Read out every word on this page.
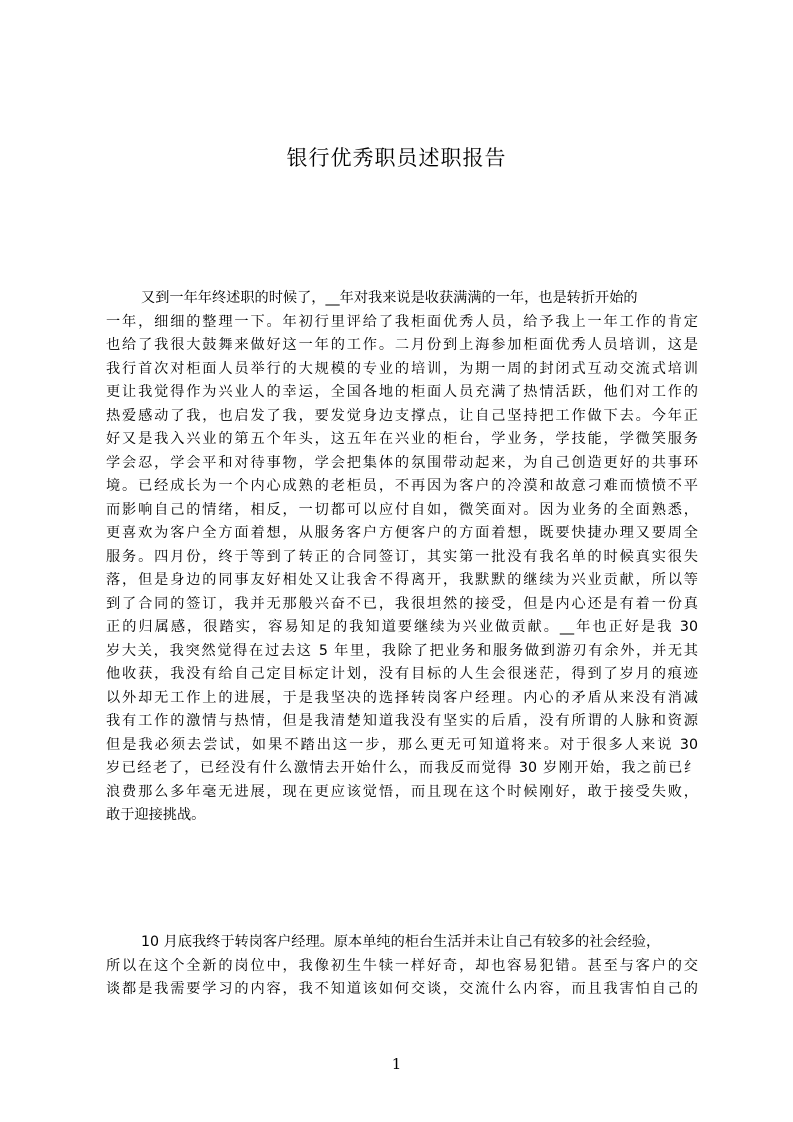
银行优秀职员述职报告
又到一年年终述职的时候了，__年对我来说是收获满满的一年，也是转折开始的
一年，细细的整理一下。年初行里评给了我柜面优秀人员，给予我上一年工作的肯定
也给了我很大鼓舞来做好这一年的工作。二月份到上海参加柜面优秀人员培训，这是
我行首次对柜面人员举行的大规模的专业的培训，为期一周的封闭式互动交流式培训
更让我觉得作为兴业人的幸运，全国各地的柜面人员充满了热情活跃，他们对工作的
热爱感动了我，也启发了我，要发觉身边支撑点，让自己坚持把工作做下去。今年正
好又是我入兴业的第五个年头，这五年在兴业的柜台，学业务，学技能，学微笑服务
学会忍，学会平和对待事物，学会把集体的氛围带动起来，为自己创造更好的共事环
境。已经成长为一个内心成熟的老柜员，不再因为客户的冷漠和故意刁难而愤愤不平
而影响自己的情绪，相反，一切都可以应付自如，微笑面对。因为业务的全面熟悉，
更喜欢为客户全方面着想，从服务客户方便客户的方面着想，既要快捷办理又要周全
服务。四月份，终于等到了转正的合同签订，其实第一批没有我名单的时候真实很失
落，但是身边的同事友好相处又让我舍不得离开，我默默的继续为兴业贡献，所以等
到了合同的签订，我并无那般兴奋不已，我很坦然的接受，但是内心还是有着一份真
正的归属感，很踏实，容易知足的我知道要继续为兴业做贡献。__年也正好是我 30
岁大关，我突然觉得在过去这 5 年里，我除了把业务和服务做到游刃有余外，并无其
他收获，我没有给自己定目标定计划，没有目标的人生会很迷茫，得到了岁月的痕迹
以外却无工作上的进展，于是我坚决的选择转岗客户经理。内心的矛盾从来没有消减
我有工作的激情与热情，但是我清楚知道我没有坚实的后盾，没有所谓的人脉和资源
但是我必须去尝试，如果不踏出这一步，那么更无可知道将来。对于很多人来说 30
岁已经老了，已经没有什么激情去开始什么，而我反而觉得 30 岁刚开始，我之前已纟
浪费那么多年毫无进展，现在更应该觉悟，而且现在这个时候刚好，敢于接受失败，
敢于迎接挑战。
10 月底我终于转岗客户经理。原本单纯的柜台生活并未让自己有较多的社会经验，
所以在这个全新的岗位中，我像初生牛犊一样好奇，却也容易犯错。甚至与客户的交
谈都是我需要学习的内容，我不知道该如何交谈，交流什么内容，而且我害怕自己的
1
